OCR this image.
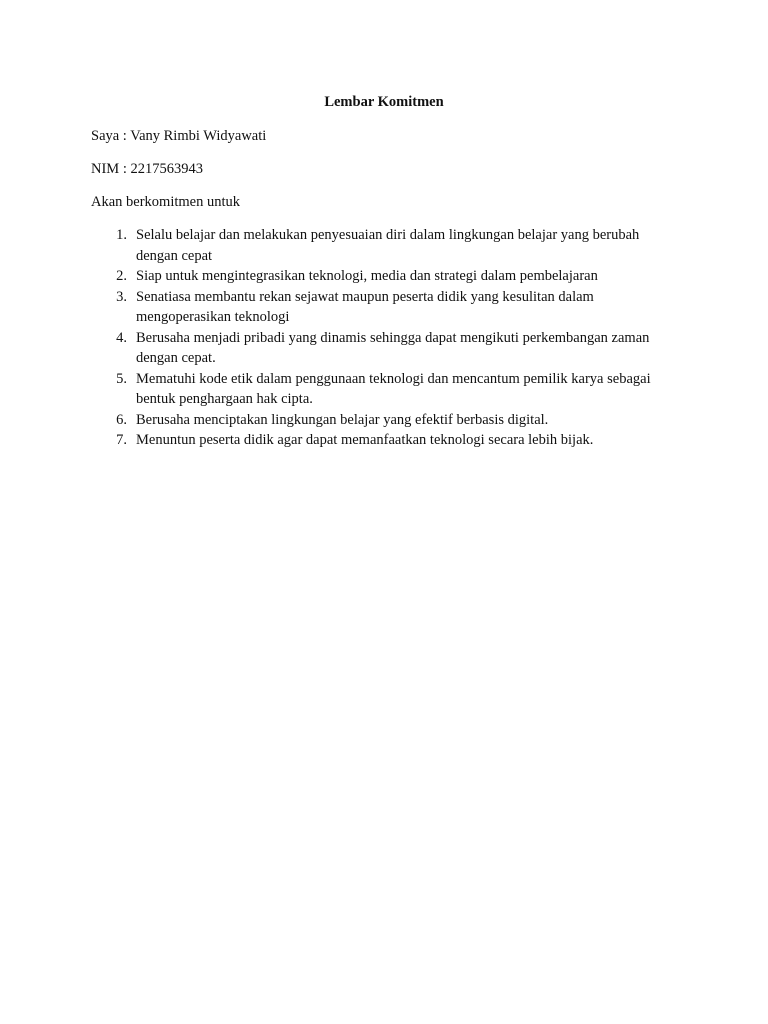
Lembar Komitmen
Saya : Vany Rimbi Widyawati
NIM : 2217563943
Akan berkomitmen untuk
1. Selalu belajar dan melakukan penyesuaian diri dalam lingkungan belajar yang berubah
dengan cepat
2. Siap untuk mengintegrasikan teknologi, media dan strategi dalam pembelajaran
3. Senatiasa membantu rekan sejawat maupun peserta didik yang kesulitan dalam
mengoperasikan teknologi
4. Berusaha menjadi pribadi yang dinamis sehingga dapat mengikuti perkembangan zaman
dengan cepat.
5. Mematuhi kode etik dalam penggunaan teknologi dan mencantum pemilik karya sebagai
bentuk penghargaan hak cipta.
6. Berusaha menciptakan lingkungan belajar yang efektif berbasis digital.
7. Menuntun peserta didik agar dapat memanfaatkan teknologi secara lebih bijak.
